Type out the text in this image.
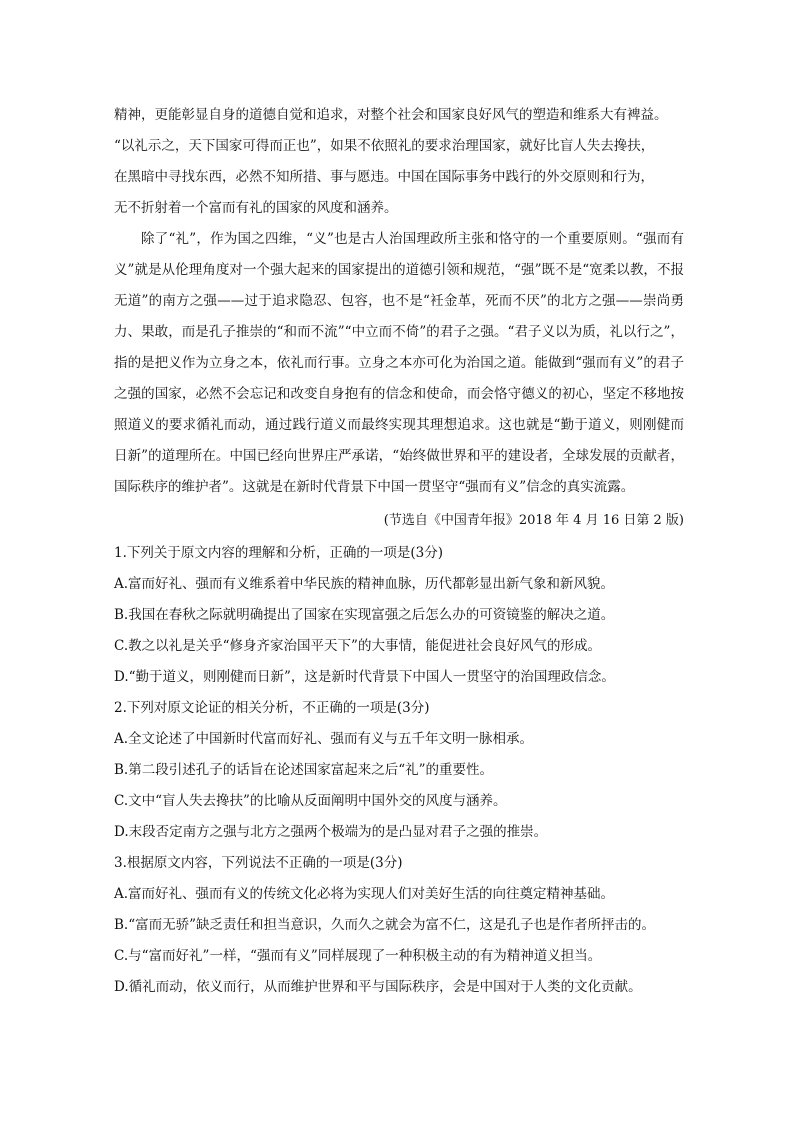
精神，更能彰显自身的道德自觉和追求，对整个社会和国家良好风气的塑造和维系大有裨益。
“以礼示之，天下国家可得而正也”，如果不依照礼的要求治理国家，就好比盲人失去搀扶，
在黑暗中寻找东西，必然不知所措、事与愿违。中国在国际事务中践行的外交原则和行为，
无不折射着一个富而有礼的国家的风度和涵养。

除了“礼”，作为国之四维，“义”也是古人治国理政所主张和恪守的一个重要原则。“强而有义”就是从伦理角度对一个强大起来的国家提出的道德引领和规范，“强”既不是“宽柔以教，不报无道”的南方之强——过于追求隐忍、包容，也不是“衽金革，死而不厌”的北方之强——崇尚勇力、果敢，而是孔子推崇的“和而不流”“中立而不倚”的君子之强。“君子义以为质，礼以行之”，指的是把义作为立身之本，依礼而行事。立身之本亦可化为治国之道。能做到“强而有义”的君子之强的国家，必然不会忘记和改变自身抱有的信念和使命，而会恪守德义的初心，坚定不移地按照道义的要求循礼而动，通过践行道义而最终实现其理想追求。这也就是“勤于道义，则刚健而日新”的道理所在。中国已经向世界庄严承诺，“始终做世界和平的建设者，全球发展的贡献者，国际秩序的维护者”。这就是在新时代背景下中国一贯坚守“强而有义”信念的真实流露。

(节选自《中国青年报》2018 年 4 月 16 日第 2 版)
1.下列关于原文内容的理解和分析，正确的一项是(3分)
A.富而好礼、强而有义维系着中华民族的精神血脉，历代都彰显出新气象和新风貌。
B.我国在春秋之际就明确提出了国家在实现富强之后怎么办的可资镜鉴的解决之道。
C.教之以礼是关乎“修身齐家治国平天下”的大事情，能促进社会良好风气的形成。
D.“勤于道义，则刚健而日新”，这是新时代背景下中国人一贯坚守的治国理政信念。
2.下列对原文论证的相关分析，不正确的一项是(3分)
A.全文论述了中国新时代富而好礼、强而有义与五千年文明一脉相承。
B.第二段引述孔子的话旨在论述国家富起来之后“礼”的重要性。
C.文中“盲人失去搀扶”的比喻从反面阐明中国外交的风度与涵养。
D.末段否定南方之强与北方之强两个极端为的是凸显对君子之强的推崇。
3.根据原文内容，下列说法不正确的一项是(3分)
A.富而好礼、强而有义的传统文化必将为实现人们对美好生活的向往奠定精神基础。
B.“富而无骄”缺乏责任和担当意识，久而久之就会为富不仁，这是孔子也是作者所抨击的。
C.与“富而好礼”一样，“强而有义”同样展现了一种积极主动的有为精神道义担当。
D.循礼而动，依义而行，从而维护世界和平与国际秩序，会是中国对于人类的文化贡献。
